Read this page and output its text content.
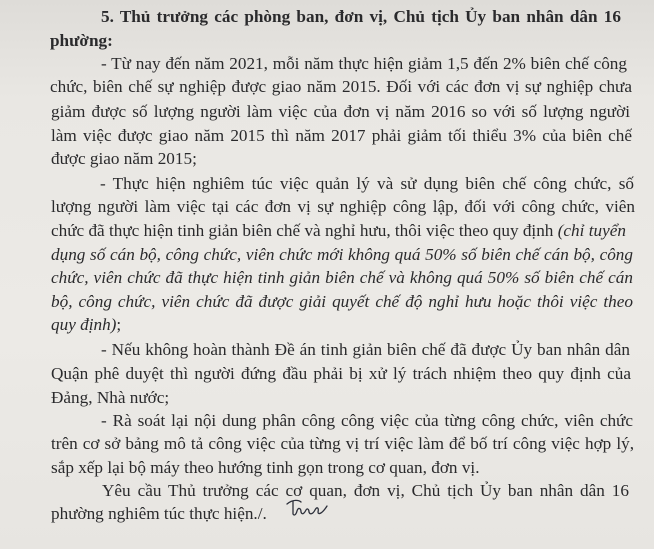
5. Thủ trưởng các phòng ban, đơn vị, Chủ tịch Ủy ban nhân dân 16
phường:
- Từ nay đến năm 2021, mỗi năm thực hiện giảm 1,5 đến 2% biên chế công
chức, biên chế sự nghiệp được giao năm 2015. Đối với các đơn vị sự nghiệp chưa
giảm được số lượng người làm việc của đơn vị năm 2016 so với số lượng người
làm việc được giao năm 2015 thì năm 2017 phải giảm tối thiểu 3% của biên chế
được giao năm 2015;
- Thực hiện nghiêm túc việc quản lý và sử dụng biên chế công chức, số
lượng người làm việc tại các đơn vị sự nghiệp công lập, đối với công chức, viên
chức đã thực hiện tinh giản biên chế và nghỉ hưu, thôi việc theo quy định (chỉ tuyển
dụng số cán bộ, công chức, viên chức mới không quá 50% số biên chế cán bộ, công
chức, viên chức đã thực hiện tinh giản biên chế và không quá 50% số biên chế cán
bộ, công chức, viên chức đã được giải quyết chế độ nghỉ hưu hoặc thôi việc theo
quy định);
- Nếu không hoàn thành Đề án tinh giản biên chế đã được Ủy ban nhân dân
Quận phê duyệt thì người đứng đầu phải bị xử lý trách nhiệm theo quy định của
Đảng, Nhà nước;
- Rà soát lại nội dung phân công công việc của từng công chức, viên chức
trên cơ sở bảng mô tả công việc của từng vị trí việc làm để bố trí công việc hợp lý,
sắp xếp lại bộ máy theo hướng tinh gọn trong cơ quan, đơn vị.
Yêu cầu Thủ trưởng các cơ quan, đơn vị, Chủ tịch Ủy ban nhân dân 16
phường nghiêm túc thực hiện./.
